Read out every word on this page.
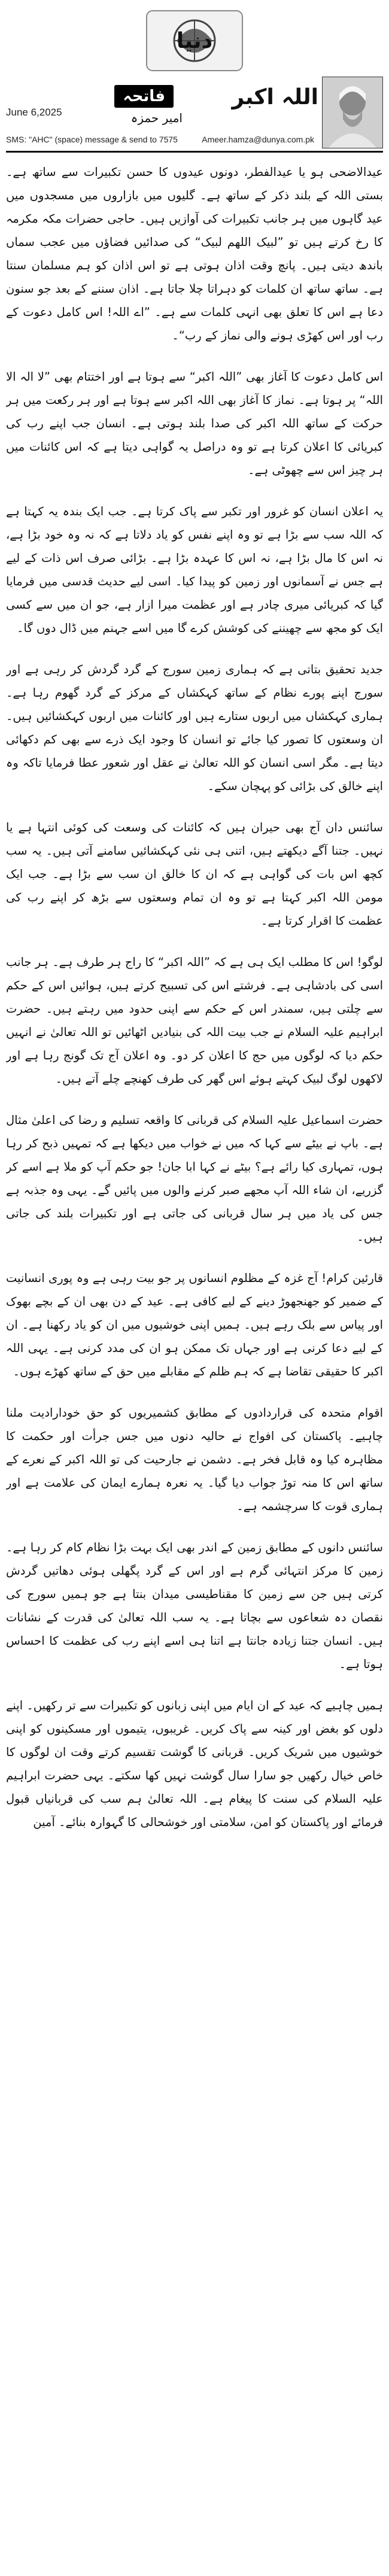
دنیا
فاتحہ	اللہ اکبر
امیر حمزہ
June 6,2025
SMS: "AHC" (space) message & send to 7575	Ameer.hamza@dunya.com.pk

عیدالاضحی ہو یا عیدالفطر، دونوں عیدوں کا حسن تکبیرات سے ساتھ ہے۔ بستی اللہ کے بلند ذکر کے ساتھ ہے۔ گلیوں میں بازاروں میں مسجدوں میں عید گاہوں میں ہر جانب تکبیرات کی آوازیں ہیں۔ حاجی حضرات مکہ مکرمہ کا رخ کرتے ہیں تو ”لبیک اللھم لبیک“ کی صدائیں فضاؤں میں عجب سماں باندھ دیتی ہیں۔ پانچ وقت اذان ہوتی ہے تو اس اذان کو ہم مسلمان سنتا ہے۔ ساتھ ساتھ ان کلمات کو دہراتا چلا جاتا ہے۔ اذان سننے کے بعد جو سنون دعا ہے اس کا تعلق بھی انہی کلمات سے ہے۔ ”اے اللہ! اس کامل دعوت کے رب اور اس کھڑی ہونے والی نماز کے رب“۔

اس کامل دعوت کا آغاز بھی ”اللہ اکبر“ سے ہوتا ہے اور اختتام بھی ”لا الہ الا اللہ“ پر ہوتا ہے۔ نماز کا آغاز بھی اللہ اکبر سے ہوتا ہے اور ہر رکعت میں ہر حرکت کے ساتھ اللہ اکبر کی صدا بلند ہوتی ہے۔ انسان جب اپنے رب کی کبریائی کا اعلان کرتا ہے تو وہ دراصل یہ گواہی دیتا ہے کہ اس کائنات میں ہر چیز اس سے چھوٹی ہے۔

یہ اعلان انسان کو غرور اور تکبر سے پاک کرتا ہے۔ جب ایک بندہ یہ کہتا ہے کہ اللہ سب سے بڑا ہے تو وہ اپنے نفس کو یاد دلاتا ہے کہ نہ وہ خود بڑا ہے، نہ اس کا مال بڑا ہے، نہ اس کا عہدہ بڑا ہے۔ بڑائی صرف اس ذات کے لیے ہے جس نے آسمانوں اور زمین کو پیدا کیا۔ اسی لیے حدیث قدسی میں فرمایا گیا کہ کبریائی میری چادر ہے اور عظمت میرا ازار ہے، جو ان میں سے کسی ایک کو مجھ سے چھیننے کی کوشش کرے گا میں اسے جہنم میں ڈال دوں گا۔

جدید تحقیق بتاتی ہے کہ ہماری زمین سورج کے گرد گردش کر رہی ہے اور سورج اپنے پورے نظام کے ساتھ کہکشاں کے مرکز کے گرد گھوم رہا ہے۔ ہماری کہکشاں میں اربوں ستارے ہیں اور کائنات میں اربوں کہکشائیں ہیں۔ ان وسعتوں کا تصور کیا جائے تو انسان کا وجود ایک ذرے سے بھی کم دکھائی دیتا ہے۔ مگر اسی انسان کو اللہ تعالیٰ نے عقل اور شعور عطا فرمایا تاکہ وہ اپنے خالق کی بڑائی کو پہچان سکے۔

سائنس دان آج بھی حیران ہیں کہ کائنات کی وسعت کی کوئی انتہا ہے یا نہیں۔ جتنا آگے دیکھتے ہیں، اتنی ہی نئی کہکشائیں سامنے آتی ہیں۔ یہ سب کچھ اس بات کی گواہی ہے کہ ان کا خالق ان سب سے بڑا ہے۔ جب ایک مومن اللہ اکبر کہتا ہے تو وہ ان تمام وسعتوں سے بڑھ کر اپنے رب کی عظمت کا اقرار کرتا ہے۔

لوگو! اس کا مطلب ایک ہی ہے کہ ”اللہ اکبر“ کا راج ہر طرف ہے۔ ہر جانب اسی کی بادشاہی ہے۔ فرشتے اس کی تسبیح کرتے ہیں، ہوائیں اس کے حکم سے چلتی ہیں، سمندر اس کے حکم سے اپنی حدود میں رہتے ہیں۔ حضرت ابراہیم علیہ السلام نے جب بیت اللہ کی بنیادیں اٹھائیں تو اللہ تعالیٰ نے انہیں حکم دیا کہ لوگوں میں حج کا اعلان کر دو۔ وہ اعلان آج تک گونج رہا ہے اور لاکھوں لوگ لبیک کہتے ہوئے اس گھر کی طرف کھنچے چلے آتے ہیں۔

حضرت اسماعیل علیہ السلام کی قربانی کا واقعہ تسلیم و رضا کی اعلیٰ مثال ہے۔ باپ نے بیٹے سے کہا کہ میں نے خواب میں دیکھا ہے کہ تمہیں ذبح کر رہا ہوں، تمہاری کیا رائے ہے؟ بیٹے نے کہا ابا جان! جو حکم آپ کو ملا ہے اسے کر گزریے، ان شاء اللہ آپ مجھے صبر کرنے والوں میں پائیں گے۔ یہی وہ جذبہ ہے جس کی یاد میں ہر سال قربانی کی جاتی ہے اور تکبیرات بلند کی جاتی ہیں۔

قارئین کرام! آج غزہ کے مظلوم انسانوں پر جو بیت رہی ہے وہ پوری انسانیت کے ضمیر کو جھنجھوڑ دینے کے لیے کافی ہے۔ عید کے دن بھی ان کے بچے بھوک اور پیاس سے بلک رہے ہیں۔ ہمیں اپنی خوشیوں میں ان کو یاد رکھنا ہے۔ ان کے لیے دعا کرنی ہے اور جہاں تک ممکن ہو ان کی مدد کرنی ہے۔ یہی اللہ اکبر کا حقیقی تقاضا ہے کہ ہم ظلم کے مقابلے میں حق کے ساتھ کھڑے ہوں۔

اقوام متحدہ کی قراردادوں کے مطابق کشمیریوں کو حق خودارادیت ملنا چاہیے۔ پاکستان کی افواج نے حالیہ دنوں میں جس جرأت اور حکمت کا مظاہرہ کیا وہ قابل فخر ہے۔ دشمن نے جارحیت کی تو اللہ اکبر کے نعرے کے ساتھ اس کا منہ توڑ جواب دیا گیا۔ یہ نعرہ ہمارے ایمان کی علامت ہے اور ہماری قوت کا سرچشمہ ہے۔

سائنس دانوں کے مطابق زمین کے اندر بھی ایک بہت بڑا نظام کام کر رہا ہے۔ زمین کا مرکز انتہائی گرم ہے اور اس کے گرد پگھلی ہوئی دھاتیں گردش کرتی ہیں جن سے زمین کا مقناطیسی میدان بنتا ہے جو ہمیں سورج کی نقصان دہ شعاعوں سے بچاتا ہے۔ یہ سب اللہ تعالیٰ کی قدرت کے نشانات ہیں۔ انسان جتنا زیادہ جانتا ہے اتنا ہی اسے اپنے رب کی عظمت کا احساس ہوتا ہے۔

ہمیں چاہیے کہ عید کے ان ایام میں اپنی زبانوں کو تکبیرات سے تر رکھیں۔ اپنے دلوں کو بغض اور کینہ سے پاک کریں۔ غریبوں، یتیموں اور مسکینوں کو اپنی خوشیوں میں شریک کریں۔ قربانی کا گوشت تقسیم کرتے وقت ان لوگوں کا خاص خیال رکھیں جو سارا سال گوشت نہیں کھا سکتے۔ یہی حضرت ابراہیم علیہ السلام کی سنت کا پیغام ہے۔ اللہ تعالیٰ ہم سب کی قربانیاں قبول فرمائے اور پاکستان کو امن، سلامتی اور خوشحالی کا گہوارہ بنائے۔ آمین
